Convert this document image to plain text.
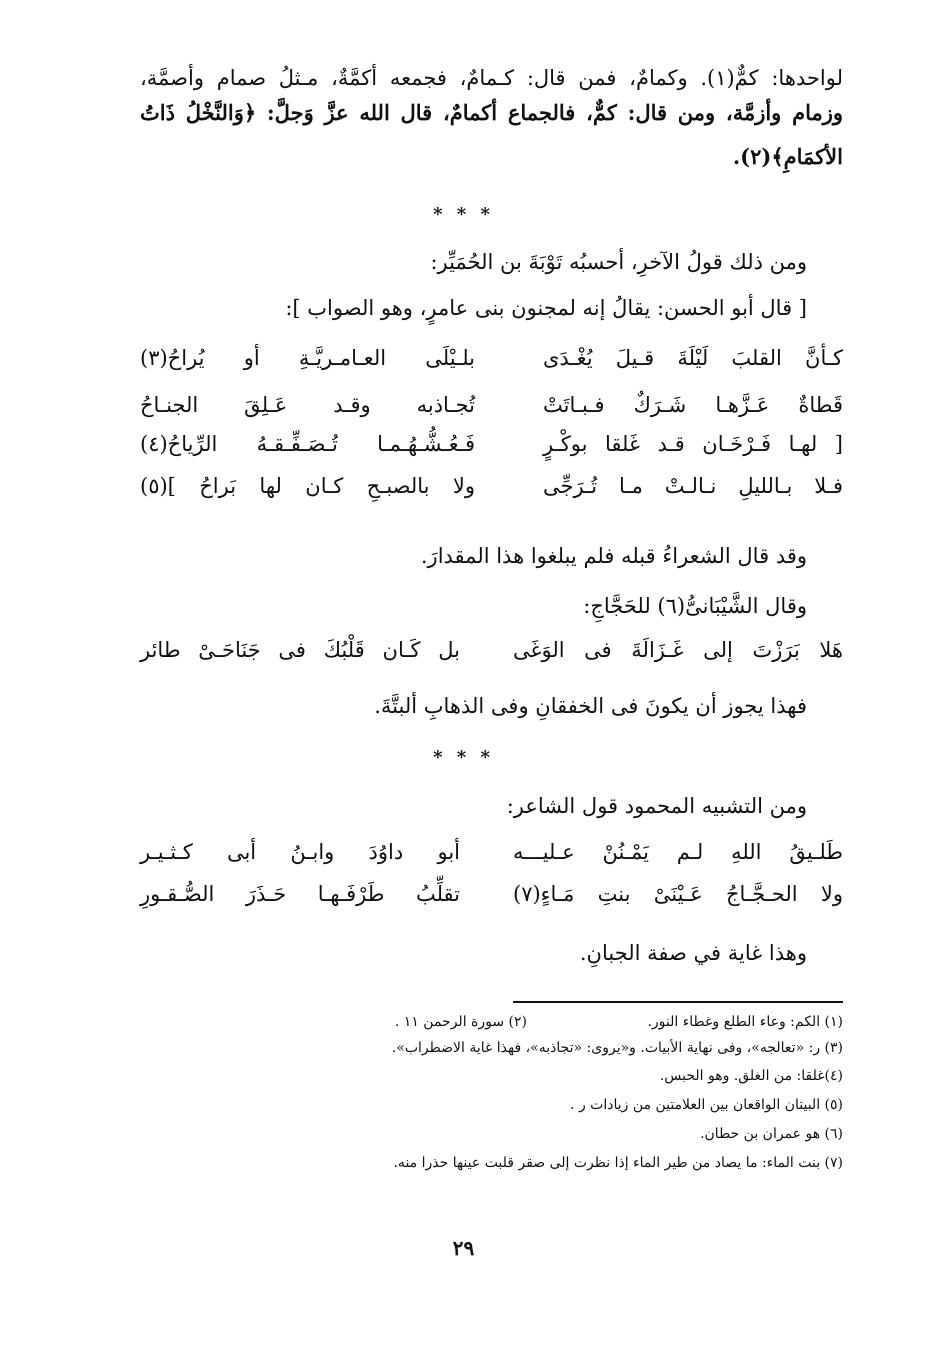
لواحدها: كمٌّ(١). وكمامٌ، فمن قال: كـمامٌ، فجمعه أكمَّةٌ، مـثلُ صمام وأصمَّة،
وزمام وأزمَّة، ومن قال: كمٌّ، فالجماع أكمامٌ، قال الله عزَّ وَجلَّ: ﴿وَالنَّخْلُ ذَاتُ
الأكمَامِ﴾(٢).
* * *
ومن ذلك قولُ الآخرِ، أحسبُه تَوْبَةَ بن الحُمَيِّر:
[ قال أبو الحسن: يقالُ إنه لمجنون بنى عامرٍ، وهو الصواب ]:
كـأنَّ القلبَ لَيْلَةَ قـيلَ يُغْـدَى
بلـيْلَى العـامـريَّـةِ أو يُراحُ(٣)
قَطاةٌ عَـزَّهـا شَـرَكٌ فـبـاتَتْ
تُجـاذبه وقـد عَـلِقَ الجنـاحُ
[ لهـا فَـرْخَـان قـد غَلقا بوكْـرٍ
فَـعُـشُّـهُـمـا تُـصَـفِّـقـهُ الرِّياحُ(٤)
فـلا بـالليلِ نـالـتْ مـا تُـرَجِّى
ولا بالصبـحِ كـان لها بَراحُ ](٥)
وقد قال الشعراءُ قبله فلم يبلغوا هذا المقدارَ.
وقال الشَّيْبَانىُّ(٦) للحَجَّاجِ:
هَلا بَرَزْتَ إلى غَـزَالَةَ فى الوَغَى
بل كَـان قَلْبُكَ فى جَنَاحَـىْ طائر
فهذا يجوز أن يكونَ فى الخفقانِ وفى الذهابِ ألبتَّةَ.
* * *
ومن التشبيه المحمود قول الشاعر:
طَلـيقُ اللهِ لـم يَمْـنُنْ عـليـــه
أبو داوُدَ وابـنُ أبى كـثـيـر
ولا الحـجَّـاجُ عَـيْنَىْ بنتِ مَـاءٍ(٧)
تقلِّبُ طَرْفَـهـا حَـذَرَ الصُّـقـورِ
وهذا غاية في صفة الجبانِ.
(١) الكم: وعاء الطلع وغطاء النور.
(٢) سورة الرحمن ١١ .
(٣) ر: «تعالجه»، وفى نهاية الأبيات. و«يروى: «تجاذبه»، فهذا غاية الاضطراب».
(٤)غلقا: من الغلق. وهو الحبس.
(٥) البيتان الواقعان بين العلامتين من زيادات ر .
(٦) هو عمران بن حطان.
(٧) بنت الماء: ما يصاد من طير الماء إذا نظرت إلى صقر قلبت عينها حذرا منه.
٢٩
